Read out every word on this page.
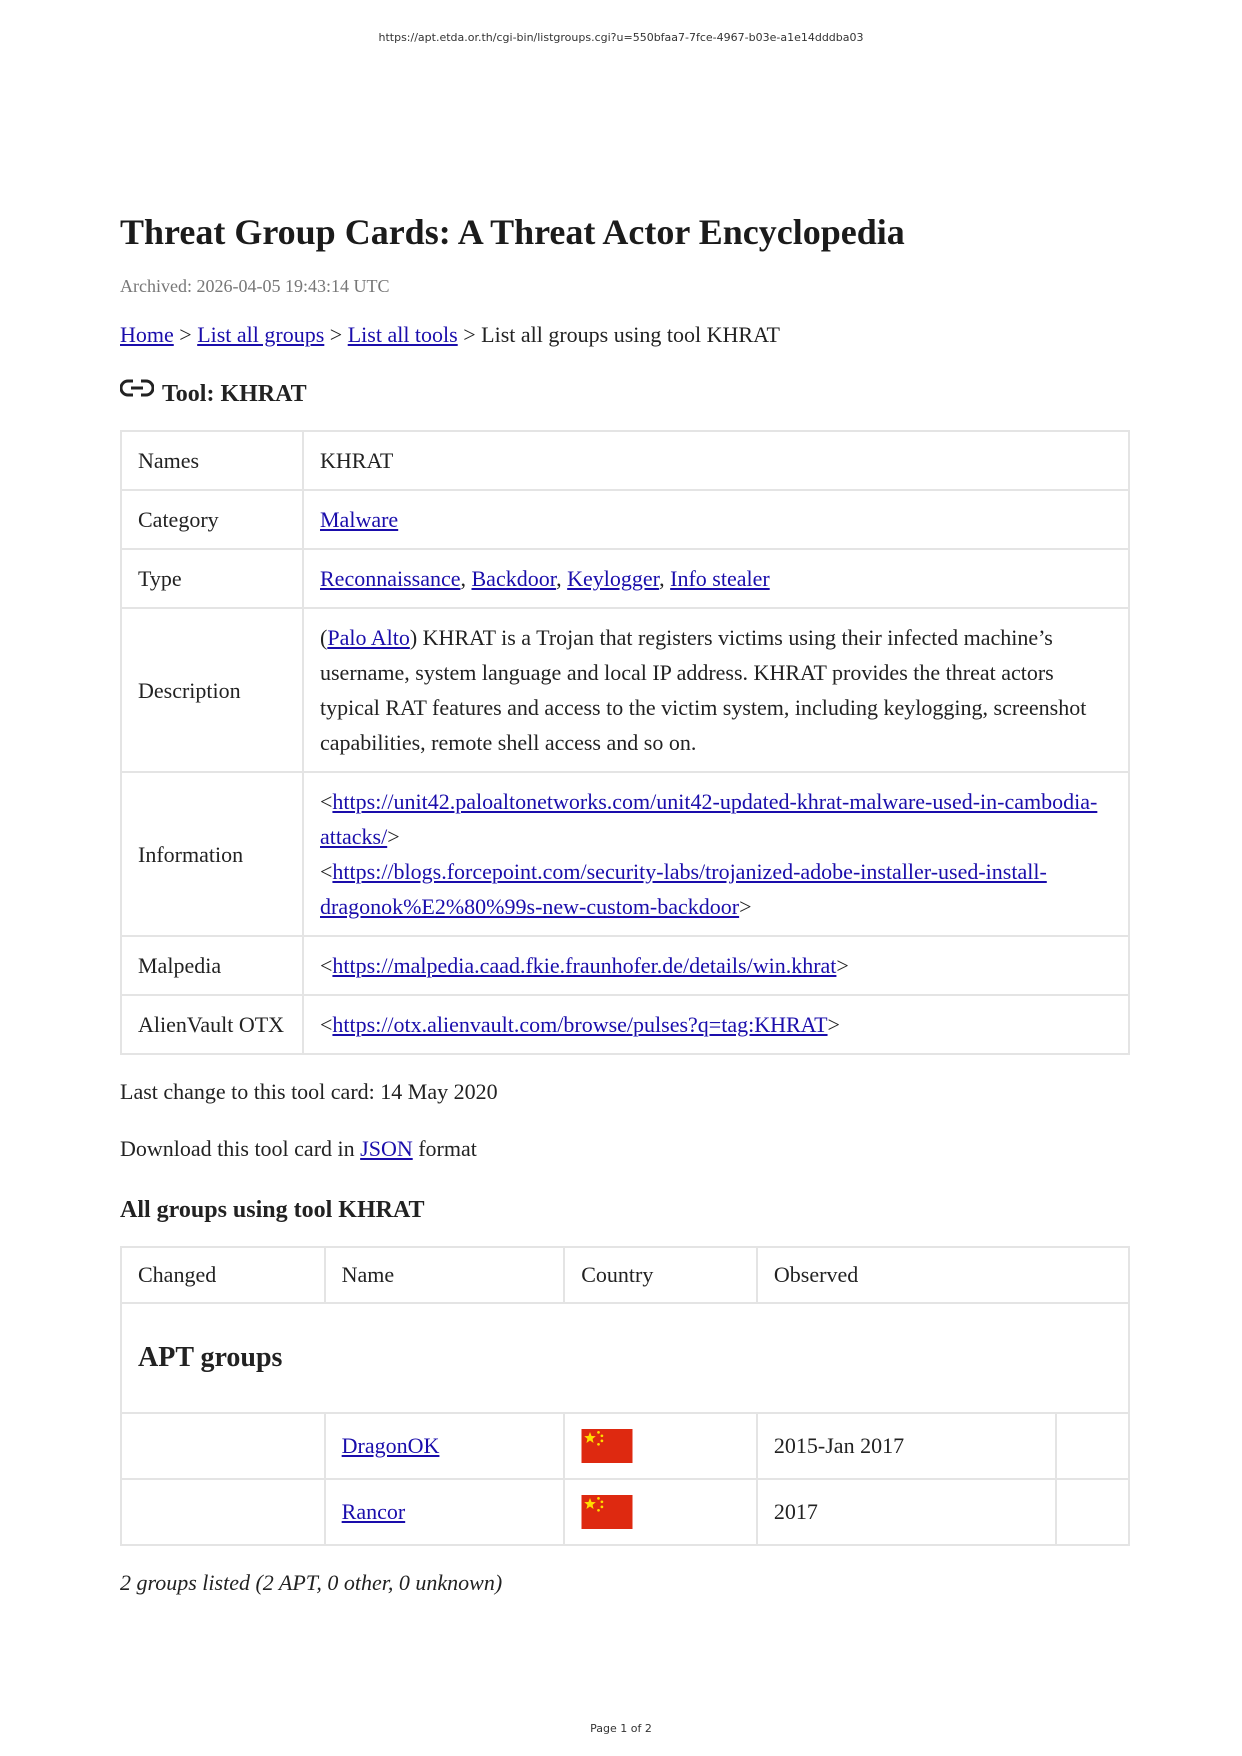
https://apt.etda.or.th/cgi-bin/listgroups.cgi?u=550bfaa7-7fce-4967-b03e-a1e14dddba03
Threat Group Cards: A Threat Actor Encyclopedia
Archived: 2026-04-05 19:43:14 UTC
Home > List all groups > List all tools > List all groups using tool KHRAT
Tool: KHRAT
Names	KHRAT
Category	Malware
Type	Reconnaissance, Backdoor, Keylogger, Info stealer
Description	(Palo Alto) KHRAT is a Trojan that registers victims using their infected machine’s username, system language and local IP address. KHRAT provides the threat actors typical RAT features and access to the victim system, including keylogging, screenshot capabilities, remote shell access and so on.
Information	<https://unit42.paloaltonetworks.com/unit42-updated-khrat-malware-used-in-cambodia-attacks/>
<https://blogs.forcepoint.com/security-labs/trojanized-adobe-installer-used-install-dragonok%E2%80%99s-new-custom-backdoor>

Malpedia	<https://malpedia.caad.fkie.fraunhofer.de/details/win.khrat>
AlienVault OTX	<https://otx.alienvault.com/browse/pulses?q=tag:KHRAT>
Last change to this tool card: 14 May 2020
Download this tool card in JSON format
All groups using tool KHRAT
Changed	Name	Country	Observed	
APT groups				
	DragonOK		2015-Jan 2017	
	Rancor		2017	
2 groups listed (2 APT, 0 other, 0 unknown)
Page 1 of 2
